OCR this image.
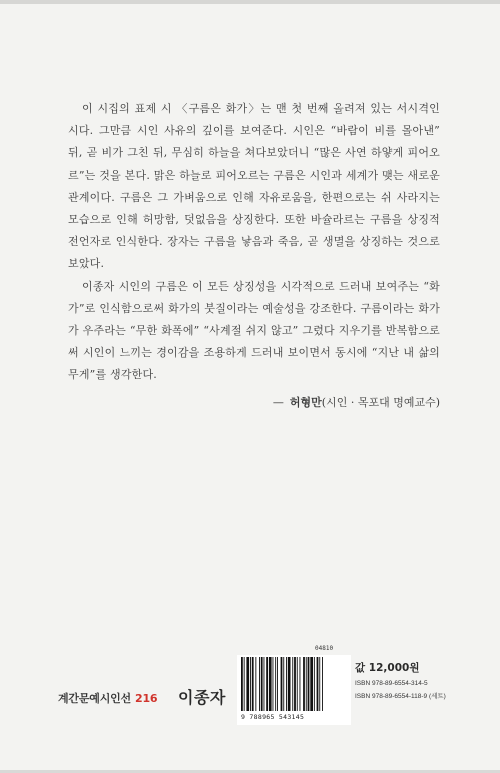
이 시집의 표제 시 〈구름은 화가〉는 맨 첫 번째 올려져 있는 서시격인 시다. 그만큼 시인 사유의 깊이를 보여준다. 시인은 “바람이 비를 몰아낸” 뒤, 곧 비가 그친 뒤, 무심히 하늘을 쳐다보았더니 “많은 사연 하얗게 피어오르”는 것을 본다. 맑은 하늘로 피어오르는 구름은 시인과 세계가 맺는 새로운 관계이다. 구름은 그 가벼움으로 인해 자유로움을, 한편으로는 쉬 사라지는 모습으로 인해 허망함, 덧없음을 상징한다. 또한 바슐라르는 구름을 상징적 전언자로 인식한다. 장자는 구름을 낳음과 죽음, 곧 생멸을 상징하는 것으로 보았다.

이종자 시인의 구름은 이 모든 상징성을 시각적으로 드러내 보여주는 “화가”로 인식함으로써 화가의 붓질이라는 예술성을 강조한다. 구름이라는 화가가 우주라는 “무한 화폭에” “사계절 쉬지 않고” 그렸다 지우기를 반복함으로써 시인이 느끼는 경이감을 조용하게 드러내 보이면서 동시에 “지난 내 삶의 무게”를 생각한다.

— 허형만(시인 · 목포대 명예교수)

계간문예시인선 216 이종자
04810
9 788965 543145
값 12,000원
ISBN 978-89-6554-314-5
ISBN 978-89-6554-118-9 (세트)
